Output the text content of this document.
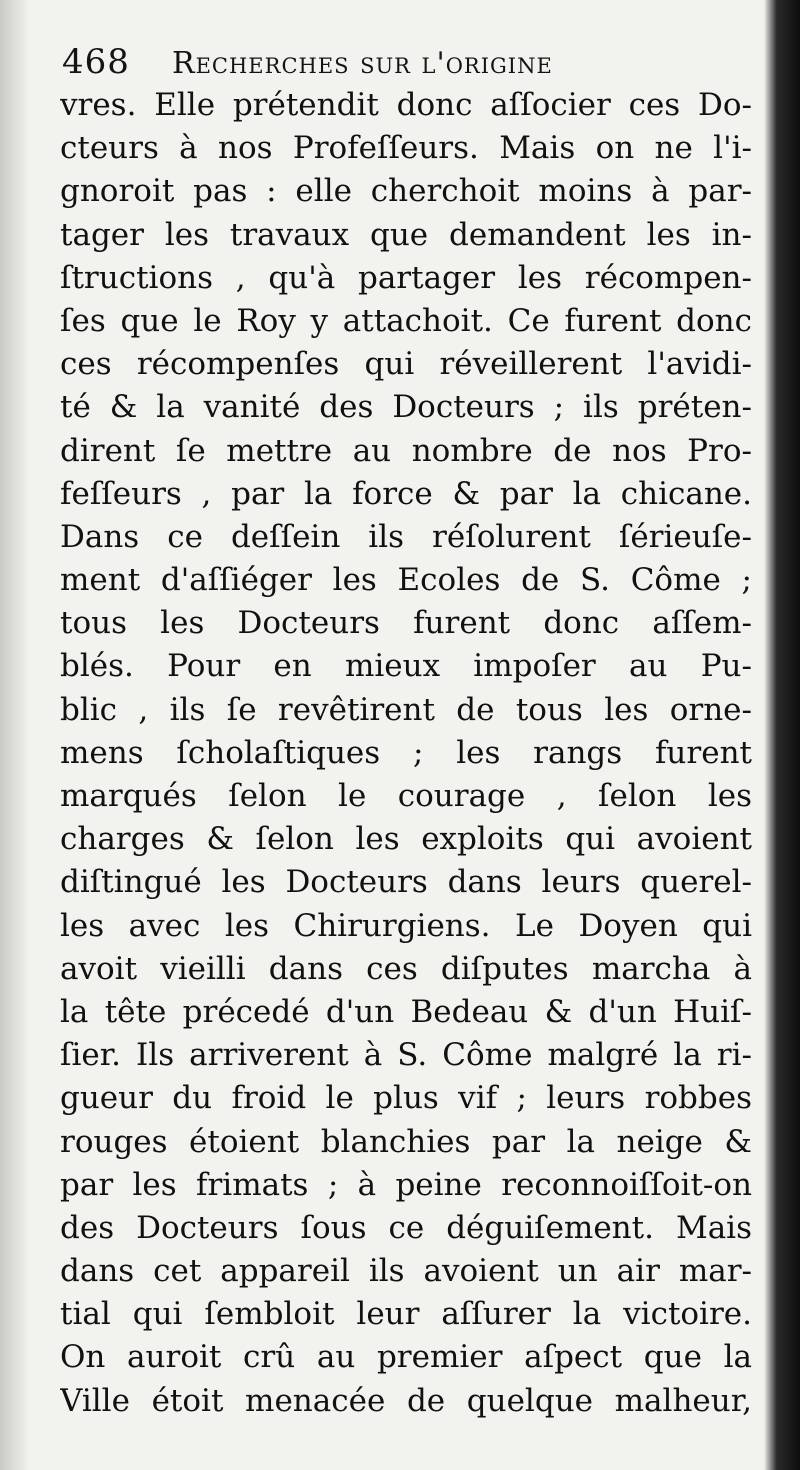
468 Recherches sur l'origine
vres. Elle prétendit donc aſſocier ces Do-
cteurs à nos Profeſſeurs. Mais on ne l'i-
gnoroit pas : elle cherchoit moins à par-
tager les travaux que demandent les in-
ſtructions , qu'à partager les récompen-
ſes que le Roy y attachoit. Ce furent donc
ces récompenſes qui réveillerent l'avidi-
té & la vanité des Docteurs ; ils préten-
dirent ſe mettre au nombre de nos Pro-
feſſeurs , par la force & par la chicane.
Dans ce deſſein ils réſolurent ſérieuſe-
ment d'aſſiéger les Ecoles de S. Côme ;
tous les Docteurs furent donc aſſem-
blés. Pour en mieux impoſer au Pu-
blic , ils ſe revêtirent de tous les orne-
mens ſcholaſtiques ; les rangs furent
marqués ſelon le courage , ſelon les
charges & ſelon les exploits qui avoient
diſtingué les Docteurs dans leurs querel-
les avec les Chirurgiens. Le Doyen qui
avoit vieilli dans ces diſputes marcha à
la tête précedé d'un Bedeau & d'un Huiſ-
ſier. Ils arriverent à S. Côme malgré la ri-
gueur du froid le plus vif ; leurs robbes
rouges étoient blanchies par la neige &
par les frimats ; à peine reconnoiſſoit-on
des Docteurs ſous ce déguiſement. Mais
dans cet appareil ils avoient un air mar-
tial qui ſembloit leur aſſurer la victoire.
On auroit crû au premier aſpect que la
Ville étoit menacée de quelque malheur,
